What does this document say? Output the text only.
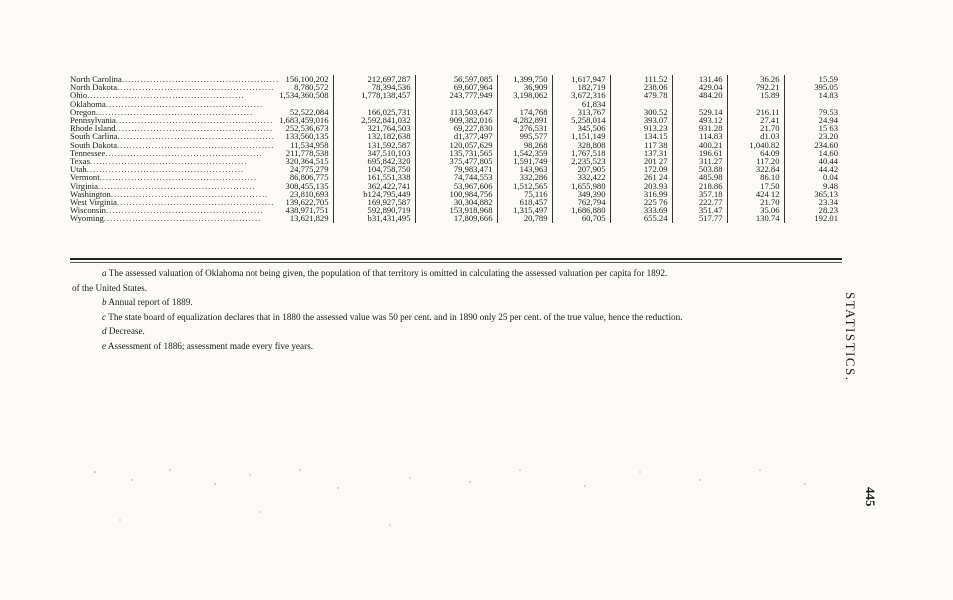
North Carolina ..................................................	156,100,202	212,697,287	56,597,085	1,399,750	1,617,947	111.52	131.46	36.26	15.59

North Dakota ..................................................	8,780,572	78,394,536	69,607,964	36,909	182,719	238.06	429.04	792.21	395.05

Ohio ..................................................	1,534,360,508	1,778,138,457	243,777,949	3,198,062	3,672,316	479.78	484.20	15.89	14.83

Oklahoma ..................................................					61,834				

Oregon ..................................................	52,522,084	166,025,731	113,503,647	174,768	313,767	300.52	529.14	216.11	79.53

Pennsylvania ..................................................	1,683,459,016	2,592,841,032	909,382,016	4,282,891	5,258,014	393.07	493.12	27.41	24.94

Rhode Island ..................................................	252,536,673	321,764,503	69,227,830	276,531	345,506	913.23	931.28	21.70	15 63

South Carlina ..................................................	133,560,135	132,182,638	d1,377,497	995,577	1,151,149	134.15	114.83	d1.03	23.20

South Dakota ..................................................	11,534,958	131,592,587	120,057,629	98,268	328,808	117 38	400.21	1,040.82	234.60

Tennessee ..................................................	211,778,538	347,510,103	135,731,565	1,542,359	1,767,518	137.31	196.61	64.09	14.60

Texas ..................................................	320,364,515	695,842,320	375,477,805	1,591,749	2,235,523	201 27	311.27	117.20	40.44

Utah ..................................................	24,775,279	104,758,750	79,983,471	143,963	207,905	172.09	503.88	322.84	44.42

Vermont ..................................................	86,806,775	161,551,338	74,744,553	332,286	332,422	261 24	485.98	86.10	0.04

Virginia ..................................................	308,455,135	362,422,741	53,967,606	1,512,565	1,655,980	203.93	218.86	17.50	9.48

Washington ..................................................	23,810,693	b124,795,449	100,984,756	75,116	349,390	316.99	357.18	424 12	365.13

West Virginia ..................................................	139,622,705	169,927,587	30,304,882	618,457	762,794	225 76	222.77	21.70	23.34

Wisconsin ..................................................	438,971,751	592,890,719	153,918,968	1,315,497	1,686,880	333.69	351.47	35.06	28.23

Wyoming ..................................................	13,621,829	b31,431,495	17,809,666	20,789	60,705	655.24	517.77	130.74	192.01
a The assessed valuation of Oklahoma not being given, the population of that territory is omitted in calculating the assessed valuation per capita for 1892.
of the United States.
b Annual report of 1889.
c The state board of equalization declares that in 1880 the assessed value was 50 per cent. and in 1890 only 25 per cent. of the true value, hence the reduction.
d Decrease.
e Assessment of 1886; assessment made every five years.	STATISTICS.
445
